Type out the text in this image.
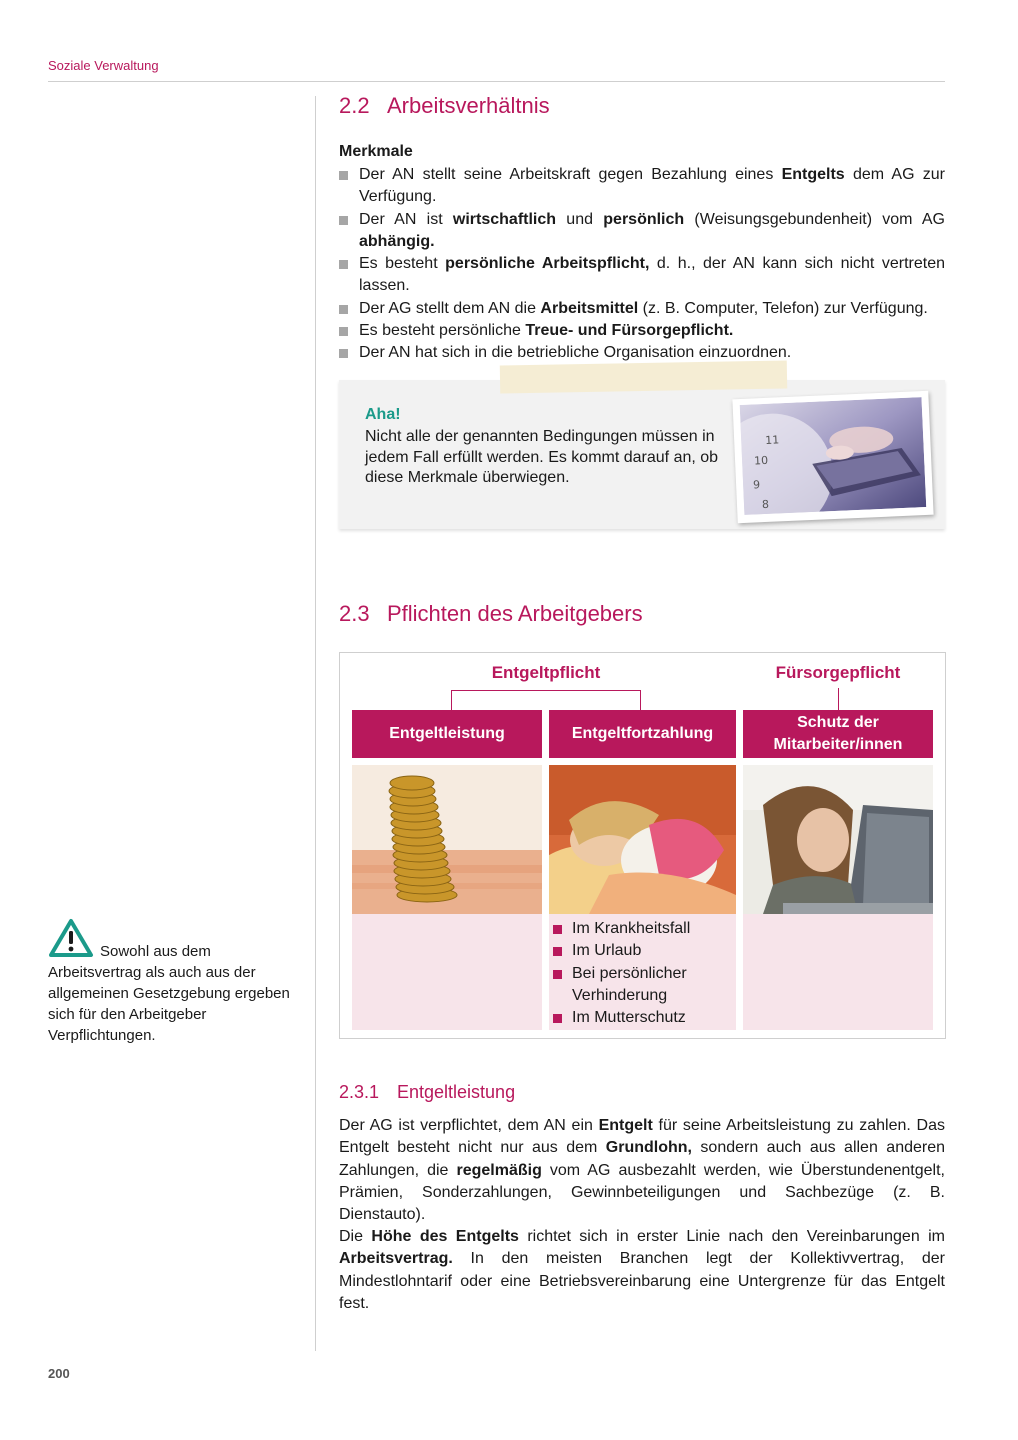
Soziale Verwaltung
200
2.2 Arbeitsverhältnis
Merkmale
Der AN stellt seine Arbeitskraft gegen Bezahlung eines Entgelts dem AG zur Verfügung.
Der AN ist wirtschaftlich und persönlich (Weisungsgebundenheit) vom AG abhängig.
Es besteht persönliche Arbeitspflicht, d. h., der AN kann sich nicht vertreten lassen.
Der AG stellt dem AN die Arbeitsmittel (z. B. Computer, Telefon) zur Verfügung.
Es besteht persönliche Treue- und Fürsorgepflicht.
Der AN hat sich in die betriebliche Organisation einzuordnen.
Aha!
Nicht alle der genannten Bedingungen müssen in jedem Fall erfüllt werden. Es kommt darauf an, ob diese Merkmale überwiegen.
11
10
9
8
2.3 Pflichten des Arbeitgebers
Entgeltpflicht	Fürsorgepflicht
Entgeltleistung	Entgeltfortzahlung
Schutz der Mitarbeiter/innen
Im Krankheitsfall
Im Urlaub
Bei persönlicher Verhinderung
Im Mutterschutz
2.3.1 Entgeltleistung

Der AG ist verpflichtet, dem AN ein Entgelt für seine Arbeitsleistung zu zahlen. Das Entgelt besteht nicht nur aus dem Grundlohn, sondern auch aus allen anderen Zahlungen, die regelmäßig vom AG ausbezahlt werden, wie Überstundenentgelt, Prämien, Sonderzahlungen, Gewinnbeteiligungen und Sachbezüge (z. B. Dienstauto).

Die Höhe des Entgelts richtet sich in erster Linie nach den Vereinbarungen im Arbeitsvertrag. In den meisten Branchen legt der Kollektivvertrag, der Mindestlohntarif oder eine Betriebsvereinbarung eine Untergrenze für das Entgelt fest.

Sowohl aus dem Arbeitsvertrag als auch aus der allgemeinen Gesetzgebung ergeben sich für den Arbeitgeber Verpflichtungen.
